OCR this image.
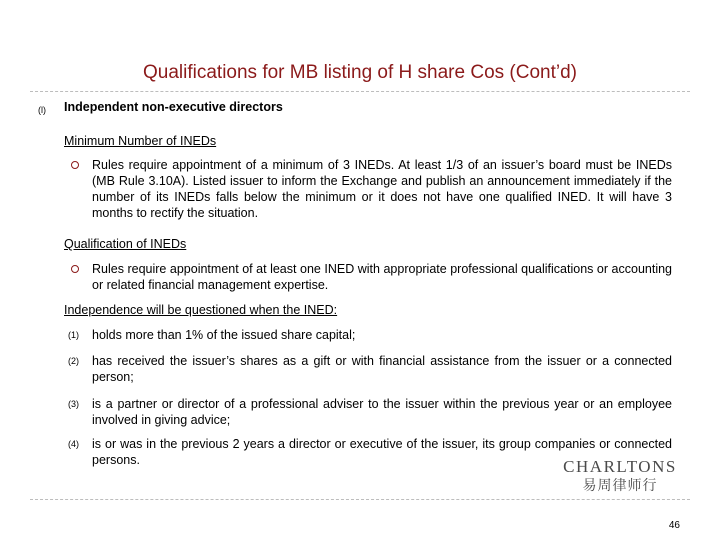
Qualifications for MB listing of H share Cos (Cont’d)
(l) Independent non-executive directors
Minimum Number of INEDs
Rules require appointment of a minimum of 3 INEDs. At least 1/3 of an issuer’s board must be INEDs (MB Rule 3.10A). Listed issuer to inform the Exchange and publish an announcement immediately if the number of its INEDs falls below the minimum or it does not have one qualified INED. It will have 3 months to rectify the situation.
Qualification of INEDs
Rules require appointment of at least one INED with appropriate professional qualifications or accounting or related financial management expertise.
Independence will be questioned when the INED:
(1) holds more than 1% of the issued share capital;
(2) has received the issuer’s shares as a gift or with financial assistance from the issuer or a connected person;
(3) is a partner or director of a professional adviser to the issuer within the previous year or an employee involved in giving advice;
(4) is or was in the previous 2 years a director or executive of the issuer, its group companies or connected persons.	CHARLTONS
易周律师行
46
